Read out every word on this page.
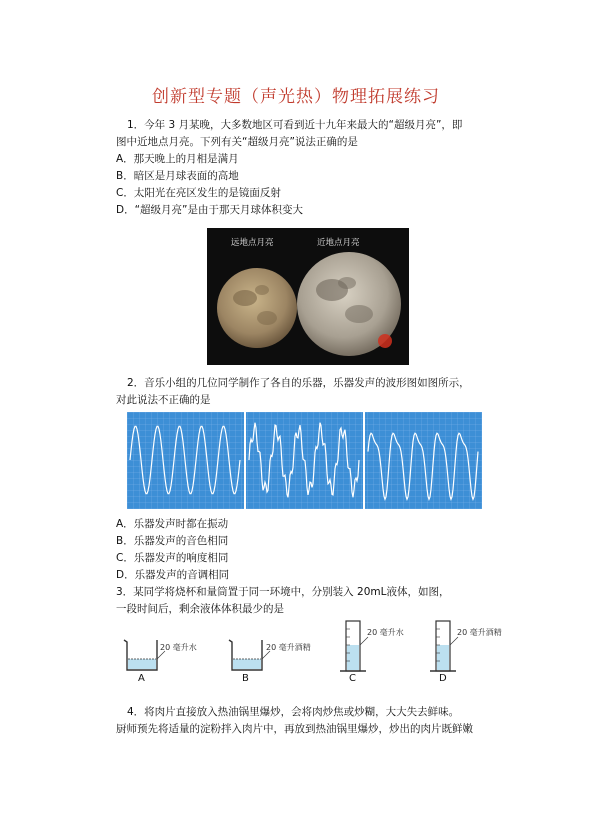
创新型专题（声光热）物理拓展练习
1．今年 3 月某晚，大多数地区可看到近十九年来最大的“超级月亮”，即
图中近地点月亮。下列有关“超级月亮”说法正确的是
A．那天晚上的月相是满月
B．暗区是月球表面的高地
C．太阳光在亮区发生的是镜面反射
D．“超级月亮”是由于那天月球体积变大
远地点月亮	近地点月亮
2．音乐小组的几位同学制作了各自的乐器，乐器发声的波形图如图所示，
对此说法不正确的是
A．乐器发声时都在振动
B．乐器发声的音色相同
C．乐器发声的响度相同
D．乐器发声的音调相同
3．某同学将烧杯和量筒置于同一环境中，分别装入 20mL液体，如图，
一段时间后，剩余液体体积最少的是
20 毫升水	20 毫升酒精
20 毫升水	20 毫升酒精
A	B	C	D
4．将肉片直接放入热油锅里爆炒，会将肉炒焦或炒糊，大大失去鲜味。
厨师预先将适量的淀粉拌入肉片中，再放到热油锅里爆炒，炒出的肉片既鲜嫩
